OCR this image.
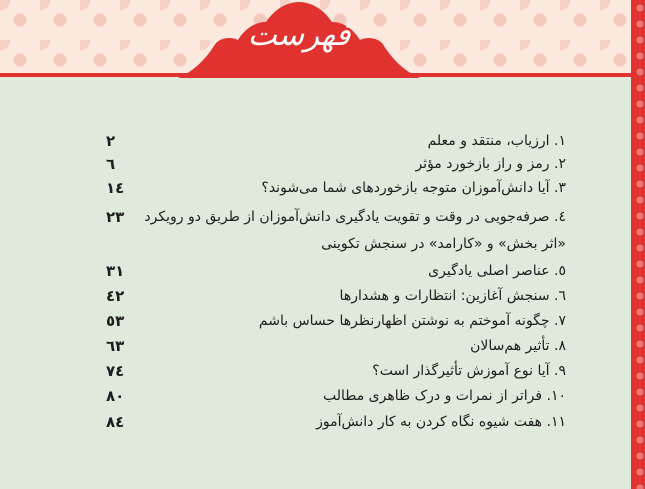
فهرست
۱. ارزیاب، منتقد و معلم
۲
۲. رمز و راز بازخورد مؤثر
٦
۳. آیا دانش‌آموزان متوجه بازخوردهای شما می‌شوند؟
۱٤
٤. صرفه‌جویی در وقت و تقویت یادگیری دانش‌آموزان از طریق دو رویکرد
۲۳
«اثر بخش» و «کارامد» در سنجش تکوینی
٥. عناصر اصلی یادگیری
۳۱
٦. سنجش آغازین: انتظارات و هشدارها
٤۲
۷. چگونه آموختم به نوشتن اظهارنظرها حساس باشم
٥۳
۸. تأثیر هم‌سالان
٦۳
۹. آیا نوع آموزش تأثیرگذار است؟
۷٤
۱۰. فراتر از نمرات و درک ظاهری مطالب
۸۰
۱۱. هفت شیوه نگاه کردن به کار دانش‌آموز
۸٤
